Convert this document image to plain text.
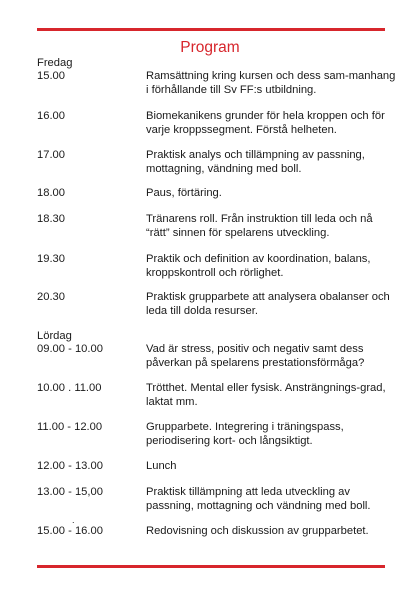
Program
Fredag
15.00	Ramsättning kring kursen och dess sam-manhang i förhållande till Sv FF:s utbildning.
16.00	Biomekanikens grunder för hela kroppen och för varje kroppssegment. Förstå helheten.
17.00	Praktisk analys och tillämpning av passning, mottagning, vändning med boll.
18.00	Paus, förtäring.
18.30	Tränarens roll. Från instruktion till leda och nå “rätt” sinnen för spelarens utveckling.
19.30	Praktik och definition av koordination, balans, kroppskontroll och rörlighet.
20.30	Praktisk grupparbete att analysera obalanser och leda till dolda resurser.
Lördag
09.00 - 10.00	Vad är stress, positiv och negativ samt dess påverkan på spelarens prestationsförmåga?
10.00 . 11.00	Trötthet. Mental eller fysisk. Ansträngnings-grad, laktat mm.
11.00 - 12.00	Grupparbete. Integrering i träningspass, periodisering kort- och långsiktigt.
12.00 - 13.00	Lunch
13.00 - 15,00	Praktisk tillämpning att leda utveckling av passning, mottagning och vändning med boll.
.
15.00 - 16.00	Redovisning och diskussion av grupparbetet.
